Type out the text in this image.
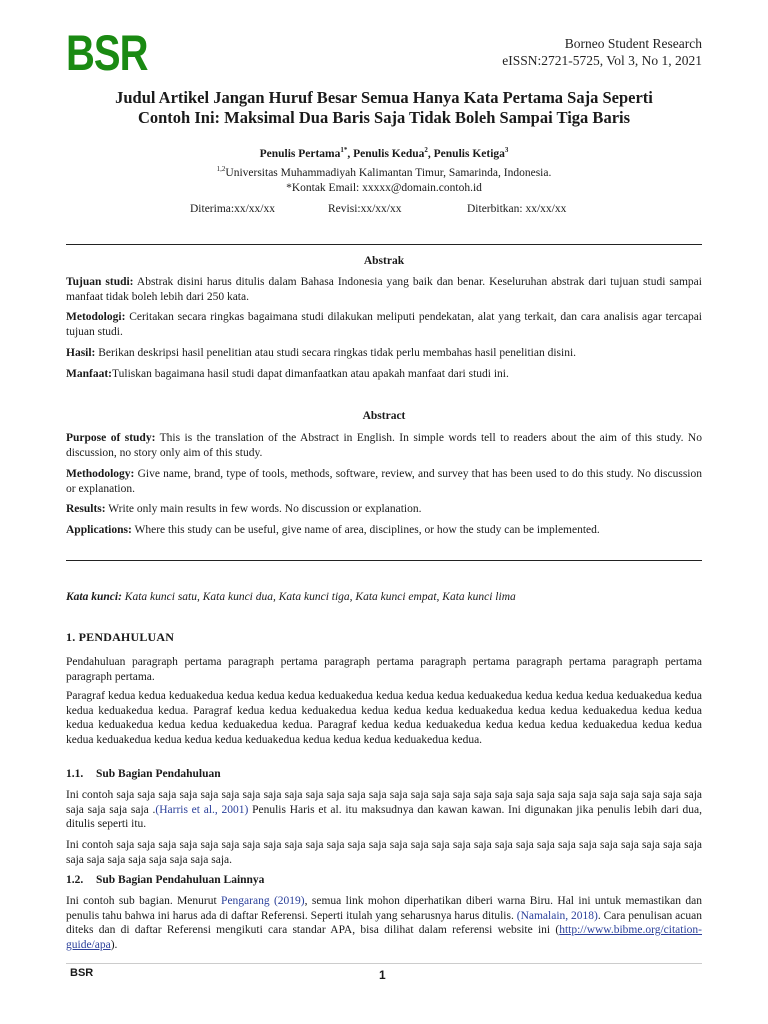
BSR	Borneo Student Research
eISSN:2721-5725, Vol 3, No 1, 2021
Judul Artikel Jangan Huruf Besar Semua Hanya Kata Pertama Saja Seperti
Contoh Ini: Maksimal Dua Baris Saja Tidak Boleh Sampai Tiga Baris
Penulis Pertama$^{1*}$, Penulis Kedua$^2$, Penulis Ketiga$^3$
$^{1,2}$Universitas Muhammadiyah Kalimantan Timur, Samarinda, Indonesia.
*Kontak Email: xxxxx@domain.contoh.id
Diterima:xx/xx/xx	Revisi:xx/xx/xx	Diterbitkan: xx/xx/xx
Abstrak
Tujuan studi: Abstrak disini harus ditulis dalam Bahasa Indonesia yang baik dan benar. Keseluruhan abstrak dari tujuan studi sampai manfaat tidak boleh lebih dari 250 kata.
Metodologi: Ceritakan secara ringkas bagaimana studi dilakukan meliputi pendekatan, alat yang terkait, dan cara analisis agar tercapai tujuan studi.
Hasil: Berikan deskripsi hasil penelitian atau studi secara ringkas tidak perlu membahas hasil penelitian disini.
Manfaat:Tuliskan bagaimana hasil studi dapat dimanfaatkan atau apakah manfaat dari studi ini.
Abstract
Purpose of study: This is the translation of the Abstract in English. In simple words tell to readers about the aim of this study. No discussion, no story only aim of this study.
Methodology: Give name, brand, type of tools, methods, software, review, and survey that has been used to do this study. No discussion or explanation.
Results: Write only main results in few words. No discussion or explanation.
Applications: Where this study can be useful, give name of area, disciplines, or how the study can be implemented.
Kata kunci: Kata kunci satu, Kata kunci dua, Kata kunci tiga, Kata kunci empat, Kata kunci lima
1. PENDAHULUAN
Pendahuluan paragraph pertama paragraph pertama paragraph pertama paragraph pertama paragraph pertama paragraph pertama paragraph pertama.
Paragraf kedua kedua keduakedua kedua kedua kedua keduakedua kedua kedua kedua keduakedua kedua kedua kedua keduakedua kedua kedua keduakedua kedua. Paragraf kedua kedua keduakedua kedua kedua kedua keduakedua kedua kedua keduakedua kedua kedua kedua keduakedua kedua kedua keduakedua kedua. Paragraf kedua kedua keduakedua kedua kedua kedua keduakedua kedua kedua kedua keduakedua kedua kedua kedua keduakedua kedua kedua kedua keduakedua kedua.
1.1. Sub Bagian Pendahuluan
Ini contoh saja saja saja saja saja saja saja saja saja saja saja saja saja saja saja saja saja saja saja saja saja saja saja saja saja saja saja saja saja saja saja saja .(Harris et al., 2001) Penulis Haris et al. itu maksudnya dan kawan kawan. Ini digunakan jika penulis lebih dari dua, ditulis seperti itu.
Ini contoh saja saja saja saja saja saja saja saja saja saja saja saja saja saja saja saja saja saja saja saja saja saja saja saja saja saja saja saja saja saja saja saja saja saja saja saja.
1.2. Sub Bagian Pendahuluan Lainnya
Ini contoh sub bagian. Menurut Pengarang (2019), semua link mohon diperhatikan diberi warna Biru. Hal ini untuk memastikan dan penulis tahu bahwa ini harus ada di daftar Referensi. Seperti itulah yang seharusnya harus ditulis. (Namalain, 2018). Cara penulisan acuan diteks dan di daftar Referensi mengikuti cara standar APA, bisa dilihat dalam referensi website ini (http://www.bibme.org/citation-guide/apa).
BSR	1
